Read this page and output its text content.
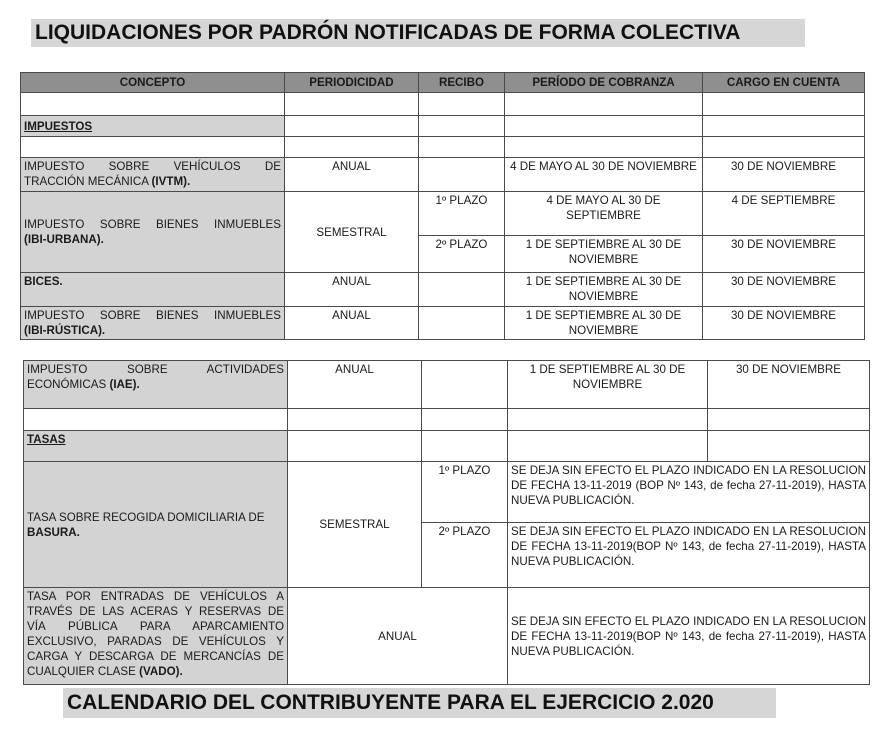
LIQUIDACIONES POR PADRÓN NOTIFICADAS DE FORMA COLECTIVA
CONCEPTO	PERIODICIDAD	RECIBO	PERÍODO DE COBRANZA	CARGO EN CUENTA

IMPUESTOS				

IMPUESTO SOBRE VEHÍCULOS DE
TRACCIÓN MECÁNICA (IVTM).	ANUAL		4 DE MAYO AL 30 DE NOVIEMBRE	30 DE NOVIEMBRE

IMPUESTO SOBRE BIENES INMUEBLES
(IBI-URBANA).	SEMESTRAL	1º PLAZO	4 DE MAYO AL 30 DE SEPTIEMBRE	4 DE SEPTIEMBRE
		2º PLAZO	1 DE SEPTIEMBRE AL 30 DE NOVIEMBRE	30 DE NOVIEMBRE
BICES.	ANUAL		1 DE SEPTIEMBRE AL 30 DE NOVIEMBRE	30 DE NOVIEMBRE

IMPUESTO SOBRE BIENES INMUEBLES
(IBI-RÚSTICA).	ANUAL		1 DE SEPTIEMBRE AL 30 DE NOVIEMBRE	30 DE NOVIEMBRE
IMPUESTO SOBRE ACTIVIDADES
ECONÓMICAS (IAE).	ANUAL		1 DE SEPTIEMBRE AL 30 DE NOVIEMBRE	30 DE NOVIEMBRE

TASAS				

TASA SOBRE RECOGIDA DOMICILIARIA DE
BASURA.	SEMESTRAL	1º PLAZO	SE DEJA SIN EFECTO EL PLAZO INDICADO EN LA RESOLUCION DE FECHA 13-11-2019 (BOP Nº 143, de fecha 27-11-2019), HASTA NUEVA PUBLICACIÓN.	
		2º PLAZO	SE DEJA SIN EFECTO EL PLAZO INDICADO EN LA RESOLUCION DE FECHA 13-11-2019(BOP Nº 143, de fecha 27-11-2019), HASTA NUEVA PUBLICACIÓN.	

TASA POR ENTRADAS DE VEHÍCULOS A TRAVÉS DE LAS ACERAS Y RESERVAS DE VÍA PÚBLICA PARA APARCAMIENTO EXCLUSIVO, PARADAS DE VEHÍCULOS Y CARGA Y DESCARGA DE MERCANCÍAS DE CUALQUIER CLASE (VADO).	ANUAL		SE DEJA SIN EFECTO EL PLAZO INDICADO EN LA RESOLUCION DE FECHA 13-11-2019(BOP Nº 143, de fecha 27-11-2019), HASTA NUEVA PUBLICACIÓN.	
CALENDARIO DEL CONTRIBUYENTE PARA EL EJERCICIO 2.020
